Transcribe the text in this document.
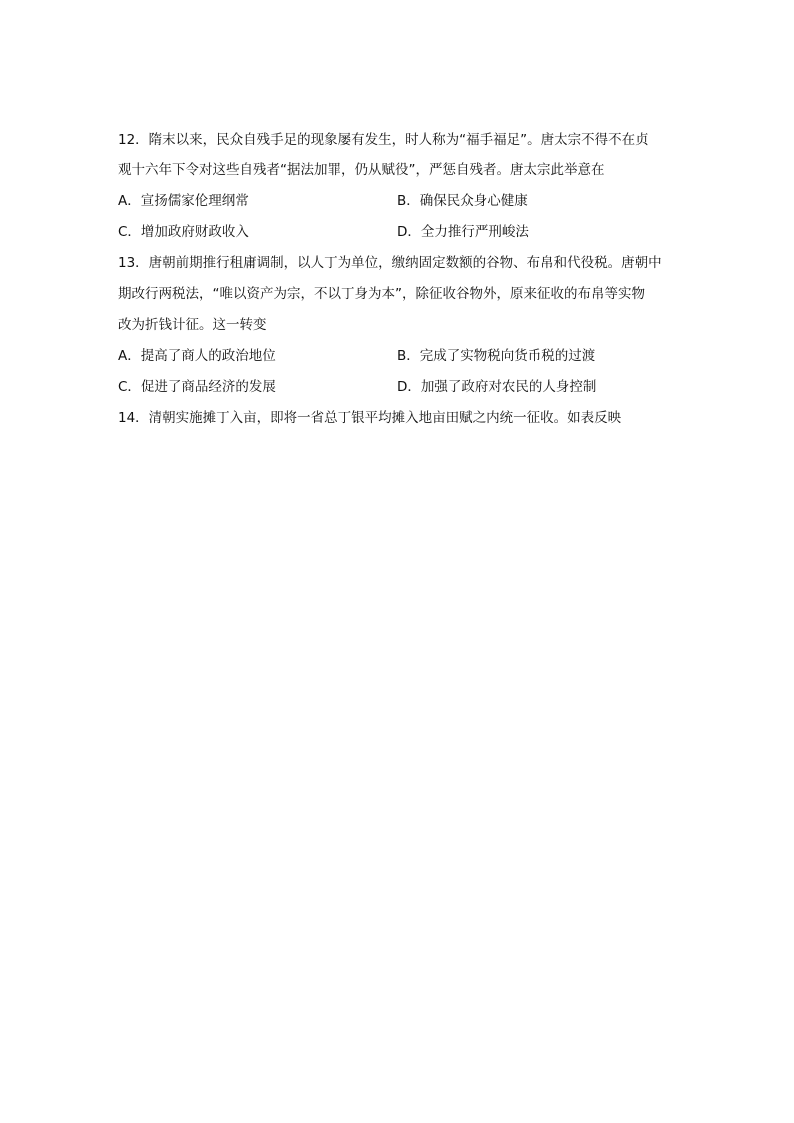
12．隋末以来，民众自残手足的现象屡有发生，时人称为“福手福足”。唐太宗不得不在贞
观十六年下令对这些自残者“据法加罪，仍从赋役”，严惩自残者。唐太宗此举意在
A．宣扬儒家伦理纲常	B．确保民众身心健康
C．增加政府财政收入	D．全力推行严刑峻法
13．唐朝前期推行租庸调制，以人丁为单位，缴纳固定数额的谷物、布帛和代役税。唐朝中
期改行两税法，“唯以资产为宗，不以丁身为本”，除征收谷物外，原来征收的布帛等实物
改为折钱计征。这一转变
A．提高了商人的政治地位	B．完成了实物税向货币税的过渡
C．促进了商品经济的发展	D．加强了政府对农民的人身控制
14．清朝实施摊丁入亩，即将一省总丁银平均摊入地亩田赋之内统一征收。如表反映
